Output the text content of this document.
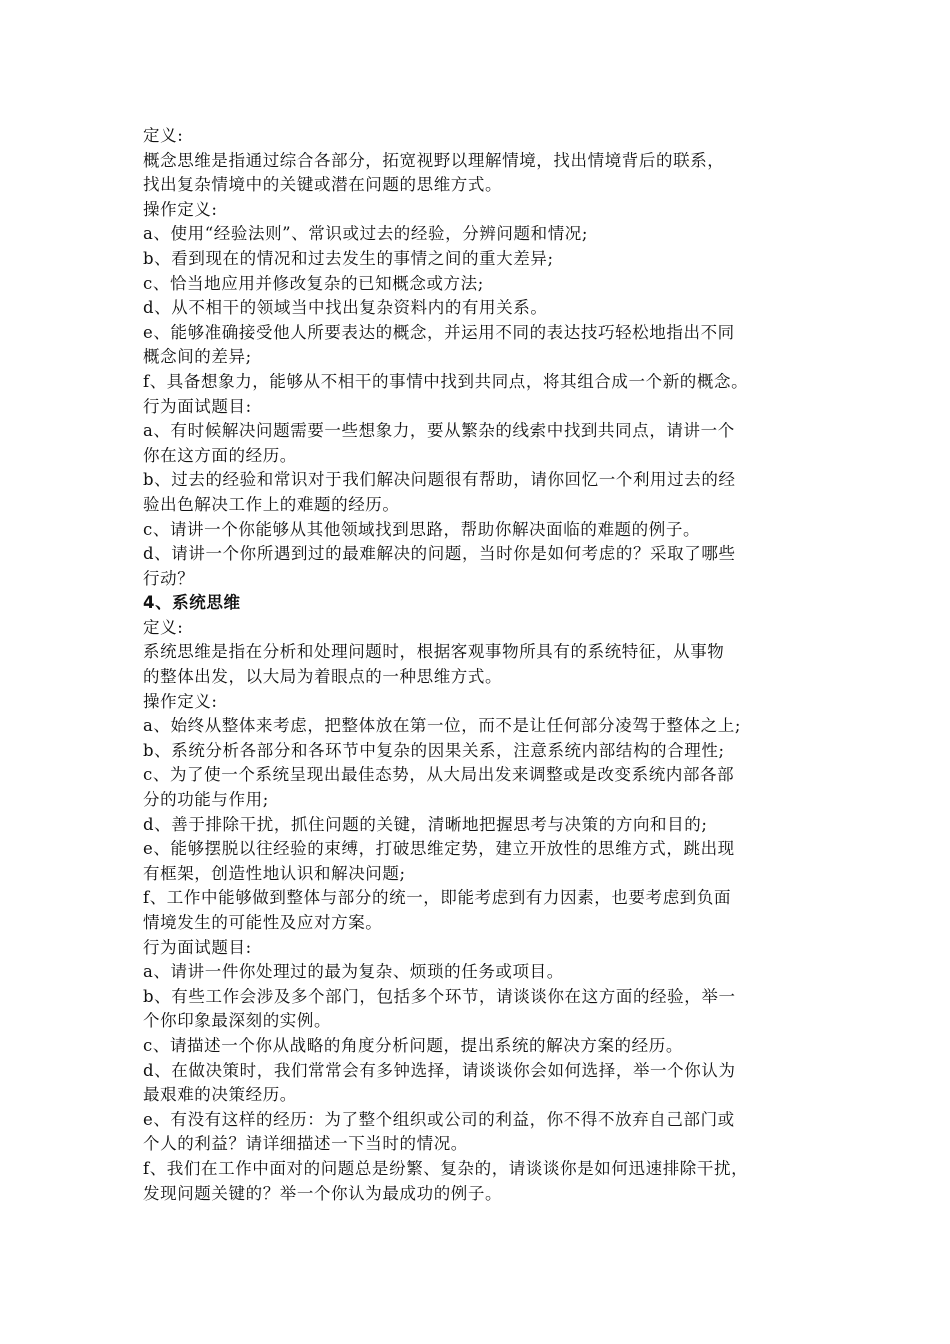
定义:
概念思维是指通过综合各部分，拓宽视野以理解情境，找出情境背后的联系，
找出复杂情境中的关键或潜在问题的思维方式。
操作定义:
a、使用“经验法则”、常识或过去的经验，分辨问题和情况;
b、看到现在的情况和过去发生的事情之间的重大差异;
c、恰当地应用并修改复杂的已知概念或方法;
d、从不相干的领域当中找出复杂资料内的有用关系。
e、能够准确接受他人所要表达的概念，并运用不同的表达技巧轻松地指出不同
概念间的差异;
f、具备想象力，能够从不相干的事情中找到共同点，将其组合成一个新的概念。
行为面试题目:
a、有时候解决问题需要一些想象力，要从繁杂的线索中找到共同点，请讲一个
你在这方面的经历。
b、过去的经验和常识对于我们解决问题很有帮助，请你回忆一个利用过去的经
验出色解决工作上的难题的经历。
c、请讲一个你能够从其他领域找到思路，帮助你解决面临的难题的例子。
d、请讲一个你所遇到过的最难解决的问题，当时你是如何考虑的？采取了哪些
行动？
4、系统思维
定义:
系统思维是指在分析和处理问题时，根据客观事物所具有的系统特征，从事物
的整体出发，以大局为着眼点的一种思维方式。
操作定义:
a、始终从整体来考虑，把整体放在第一位，而不是让任何部分凌驾于整体之上;
b、系统分析各部分和各环节中复杂的因果关系，注意系统内部结构的合理性;
c、为了使一个系统呈现出最佳态势，从大局出发来调整或是改变系统内部各部
分的功能与作用;
d、善于排除干扰，抓住问题的关键，清晰地把握思考与决策的方向和目的;
e、能够摆脱以往经验的束缚，打破思维定势，建立开放性的思维方式，跳出现
有框架，创造性地认识和解决问题;
f、工作中能够做到整体与部分的统一，即能考虑到有力因素，也要考虑到负面
情境发生的可能性及应对方案。
行为面试题目:
a、请讲一件你处理过的最为复杂、烦琐的任务或项目。
b、有些工作会涉及多个部门，包括多个环节，请谈谈你在这方面的经验，举一
个你印象最深刻的实例。
c、请描述一个你从战略的角度分析问题，提出系统的解决方案的经历。
d、在做决策时，我们常常会有多钟选择，请谈谈你会如何选择，举一个你认为
最艰难的决策经历。
e、有没有这样的经历：为了整个组织或公司的利益，你不得不放弃自己部门或
个人的利益？请详细描述一下当时的情况。
f、我们在工作中面对的问题总是纷繁、复杂的，请谈谈你是如何迅速排除干扰，
发现问题关键的？举一个你认为最成功的例子。
